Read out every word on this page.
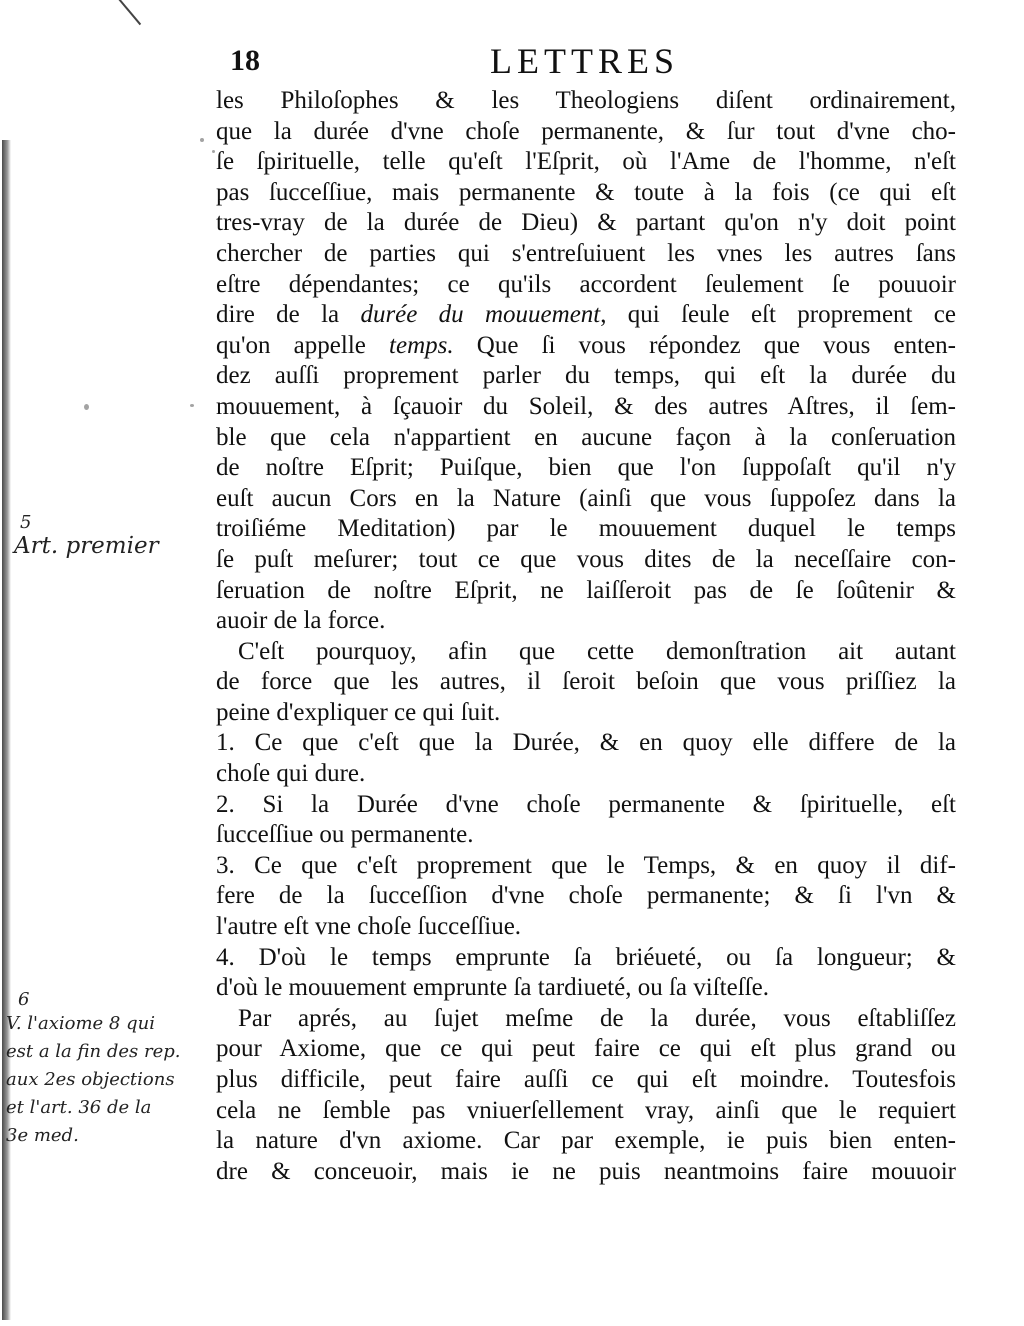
18	LETTRES
les Philoſophes & les Theologiens diſent ordinairement,
que la durée d'vne choſe permanente, & ſur tout d'vne cho-
ſe ſpirituelle, telle qu'eſt l'Eſprit, où l'Ame de l'homme, n'eſt
pas ſucceſſiue, mais permanente & toute à la fois (ce qui eſt
tres-vray de la durée de Dieu) & partant qu'on n'y doit point
chercher de parties qui s'entreſuiuent les vnes les autres ſans
eſtre dépendantes; ce qu'ils accordent ſeulement ſe pouuoir
dire de la durée du mouuement, qui ſeule eſt proprement ce
qu'on appelle temps. Que ſi vous répondez que vous enten-
dez auſſi proprement parler du temps, qui eſt la durée du
mouuement, à ſçauoir du Soleil, & des autres Aſtres, il ſem-
ble que cela n'appartient en aucune façon à la conſeruation
de noſtre Eſprit; Puiſque, bien que l'on ſuppoſaſt qu'il n'y
euſt aucun Cors en la Nature (ainſi que vous ſuppoſez dans la
troiſiéme Meditation) par le mouuement duquel le temps
ſe puſt meſurer; tout ce que vous dites de la neceſſaire con-
ſeruation de noſtre Eſprit, ne laiſſeroit pas de ſe ſoûtenir &
auoir de la force.
C'eſt pourquoy, afin que cette demonſtration ait autant
de force que les autres, il ſeroit beſoin que vous priſſiez la
peine d'expliquer ce qui ſuit.
1. Ce que c'eſt que la Durée, & en quoy elle differe de la
choſe qui dure.
2. Si la Durée d'vne choſe permanente & ſpirituelle, eſt
ſucceſſiue ou permanente.
3. Ce que c'eſt proprement que le Temps, & en quoy il dif-
fere de la ſucceſſion d'vne choſe permanente; & ſi l'vn &
l'autre eſt vne choſe ſucceſſiue.
4. D'où le temps emprunte ſa briéueté, ou ſa longueur; &
d'où le mouuement emprunte ſa tardiueté, ou ſa viſteſſe.
Par aprés, au ſujet meſme de la durée, vous eſtabliſſez
pour Axiome, que ce qui peut faire ce qui eſt plus grand ou
plus difficile, peut faire auſſi ce qui eſt moindre. Toutesfois
cela ne ſemble pas vniuerſellement vray, ainſi que le requiert
la nature d'vn axiome. Car par exemple, ie puis bien enten-
dre & conceuoir, mais ie ne puis neantmoins faire mouuoir
5
Art. premier
6
V. l'axiome 8 qui
est a la fin des rep.
aux 2es objections
et l'art. 36 de la
3e med.
